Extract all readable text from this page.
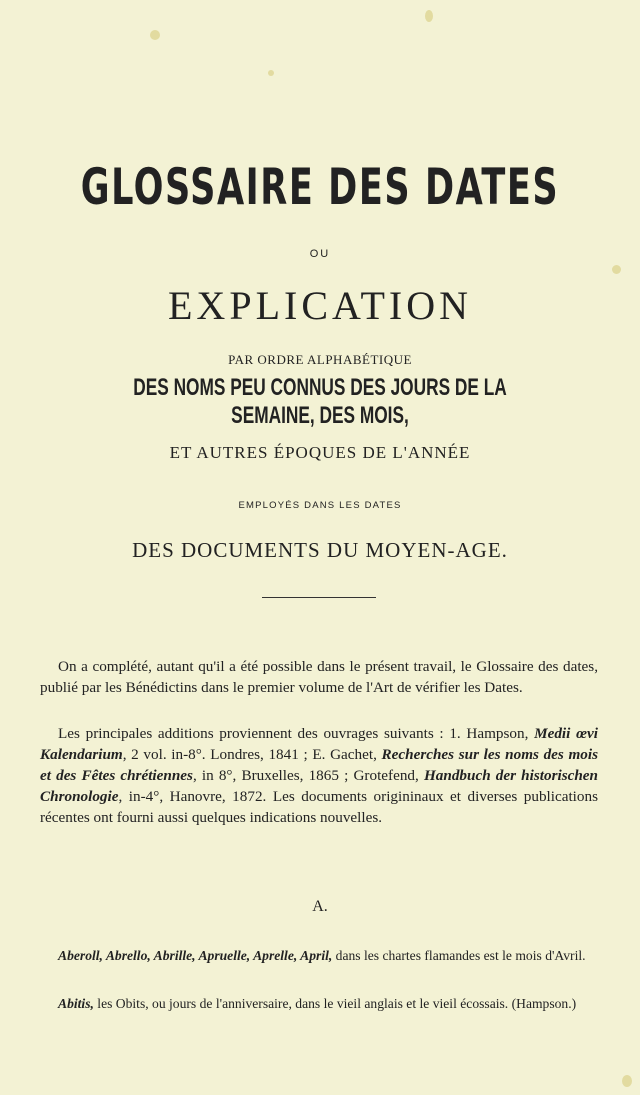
GLOSSAIRE DES DATES
OU
EXPLICATION
PAR ORDRE ALPHABÉTIQUE
DES NOMS PEU CONNUS DES JOURS DE LA SEMAINE, DES MOIS,
ET AUTRES ÉPOQUES DE L'ANNÉE
EMPLOYÉS DANS LES DATES
DES DOCUMENTS DU MOYEN-AGE.

On a complété, autant qu'il a été possible dans le présent travail, le Glossaire des dates, publié par les Bénédictins dans le premier volume de l'Art de vérifier les Dates.

Les principales additions proviennent des ouvrages suivants : 1. Hampson, Medii œvi Kalendarium, 2 vol. in-8°. Londres, 1841 ; E. Gachet, Recherches sur les noms des mois et des Fêtes chrétiennes, in 8°, Bruxelles, 1865 ; Grotefend, Handbuch der historischen Chronologie, in-4°, Hanovre, 1872. Les documents origininaux et diverses publications récentes ont fourni aussi quelques indications nouvelles.

A.

Aberoll, Abrello, Abrille, Apruelle, Aprelle, April, dans les chartes flamandes est le mois d'Avril.

Abitis, les Obits, ou jours de l'anniversaire, dans le vieil anglais et le vieil écossais. (Hampson.)
